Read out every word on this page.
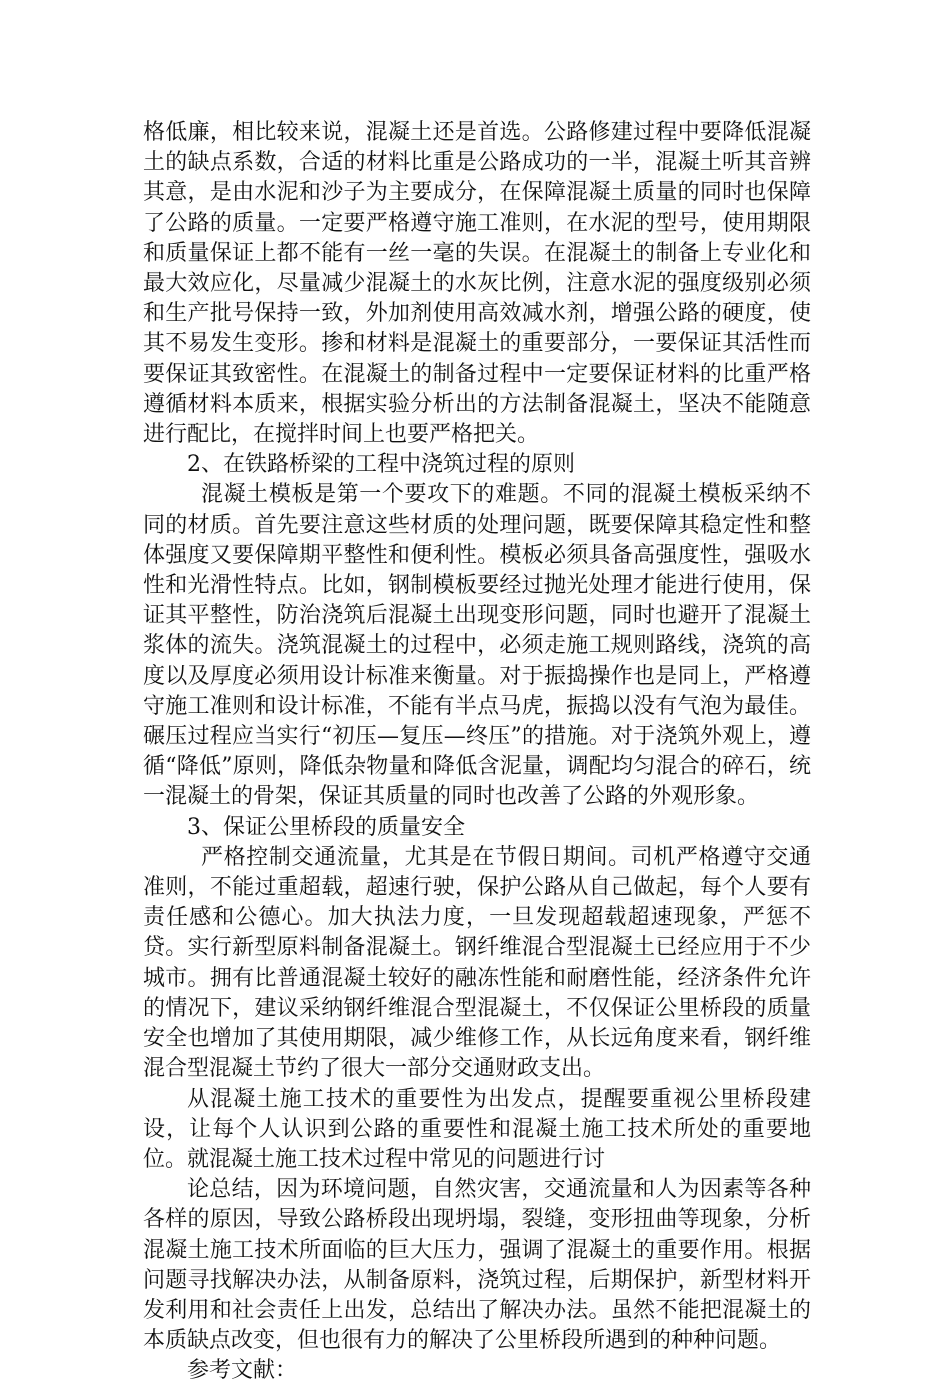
格低廉，相比较来说，混凝土还是首选。公路修建过程中要降低混凝土的缺点系数，合适的材料比重是公路成功的一半，混凝土听其音辨其意，是由水泥和沙子为主要成分，在保障混凝土质量的同时也保障了公路的质量。一定要严格遵守施工准则，在水泥的型号，使用期限和质量保证上都不能有一丝一毫的失误。在混凝土的制备上专业化和最大效应化，尽量减少混凝土的水灰比例，注意水泥的强度级别必须和生产批号保持一致，外加剂使用高效减水剂，增强公路的硬度，使其不易发生变形。掺和材料是混凝土的重要部分，一要保证其活性而要保证其致密性。在混凝土的制备过程中一定要保证材料的比重严格遵循材料本质来，根据实验分析出的方法制备混凝土，坚决不能随意进行配比，在搅拌时间上也要严格把关。

2、在铁路桥梁的工程中浇筑过程的原则

混凝土模板是第一个要攻下的难题。不同的混凝土模板采纳不同的材质。首先要注意这些材质的处理问题，既要保障其稳定性和整体强度又要保障期平整性和便利性。模板必须具备高强度性，强吸水性和光滑性特点。比如，钢制模板要经过抛光处理才能进行使用，保证其平整性，防治浇筑后混凝土出现变形问题，同时也避开了混凝土浆体的流失。浇筑混凝土的过程中，必须走施工规则路线，浇筑的高度以及厚度必须用设计标准来衡量。对于振捣操作也是同上，严格遵守施工准则和设计标准，不能有半点马虎，振捣以没有气泡为最佳。碾压过程应当实行“初压—复压—终压”的措施。对于浇筑外观上，遵循“降低”原则，降低杂物量和降低含泥量，调配均匀混合的碎石，统一混凝土的骨架，保证其质量的同时也改善了公路的外观形象。

3、保证公里桥段的质量安全

严格控制交通流量，尤其是在节假日期间。司机严格遵守交通准则，不能过重超载，超速行驶，保护公路从自己做起，每个人要有责任感和公德心。加大执法力度，一旦发现超载超速现象，严惩不贷。实行新型原料制备混凝土。钢纤维混合型混凝土已经应用于不少城市。拥有比普通混凝土较好的融冻性能和耐磨性能，经济条件允许的情况下，建议采纳钢纤维混合型混凝土，不仅保证公里桥段的质量安全也增加了其使用期限，减少维修工作，从长远角度来看，钢纤维混合型混凝土节约了很大一部分交通财政支出。

从混凝土施工技术的重要性为出发点，提醒要重视公里桥段建设，让每个人认识到公路的重要性和混凝土施工技术所处的重要地位。就混凝土施工技术过程中常见的问题进行讨

论总结，因为环境问题，自然灾害，交通流量和人为因素等各种各样的原因，导致公路桥段出现坍塌，裂缝，变形扭曲等现象，分析混凝土施工技术所面临的巨大压力，强调了混凝土的重要作用。根据问题寻找解决办法，从制备原料，浇筑过程，后期保护，新型材料开发利用和社会责任上出发，总结出了解决办法。虽然不能把混凝土的本质缺点改变，但也很有力的解决了公里桥段所遇到的种种问题。

参考文献：
